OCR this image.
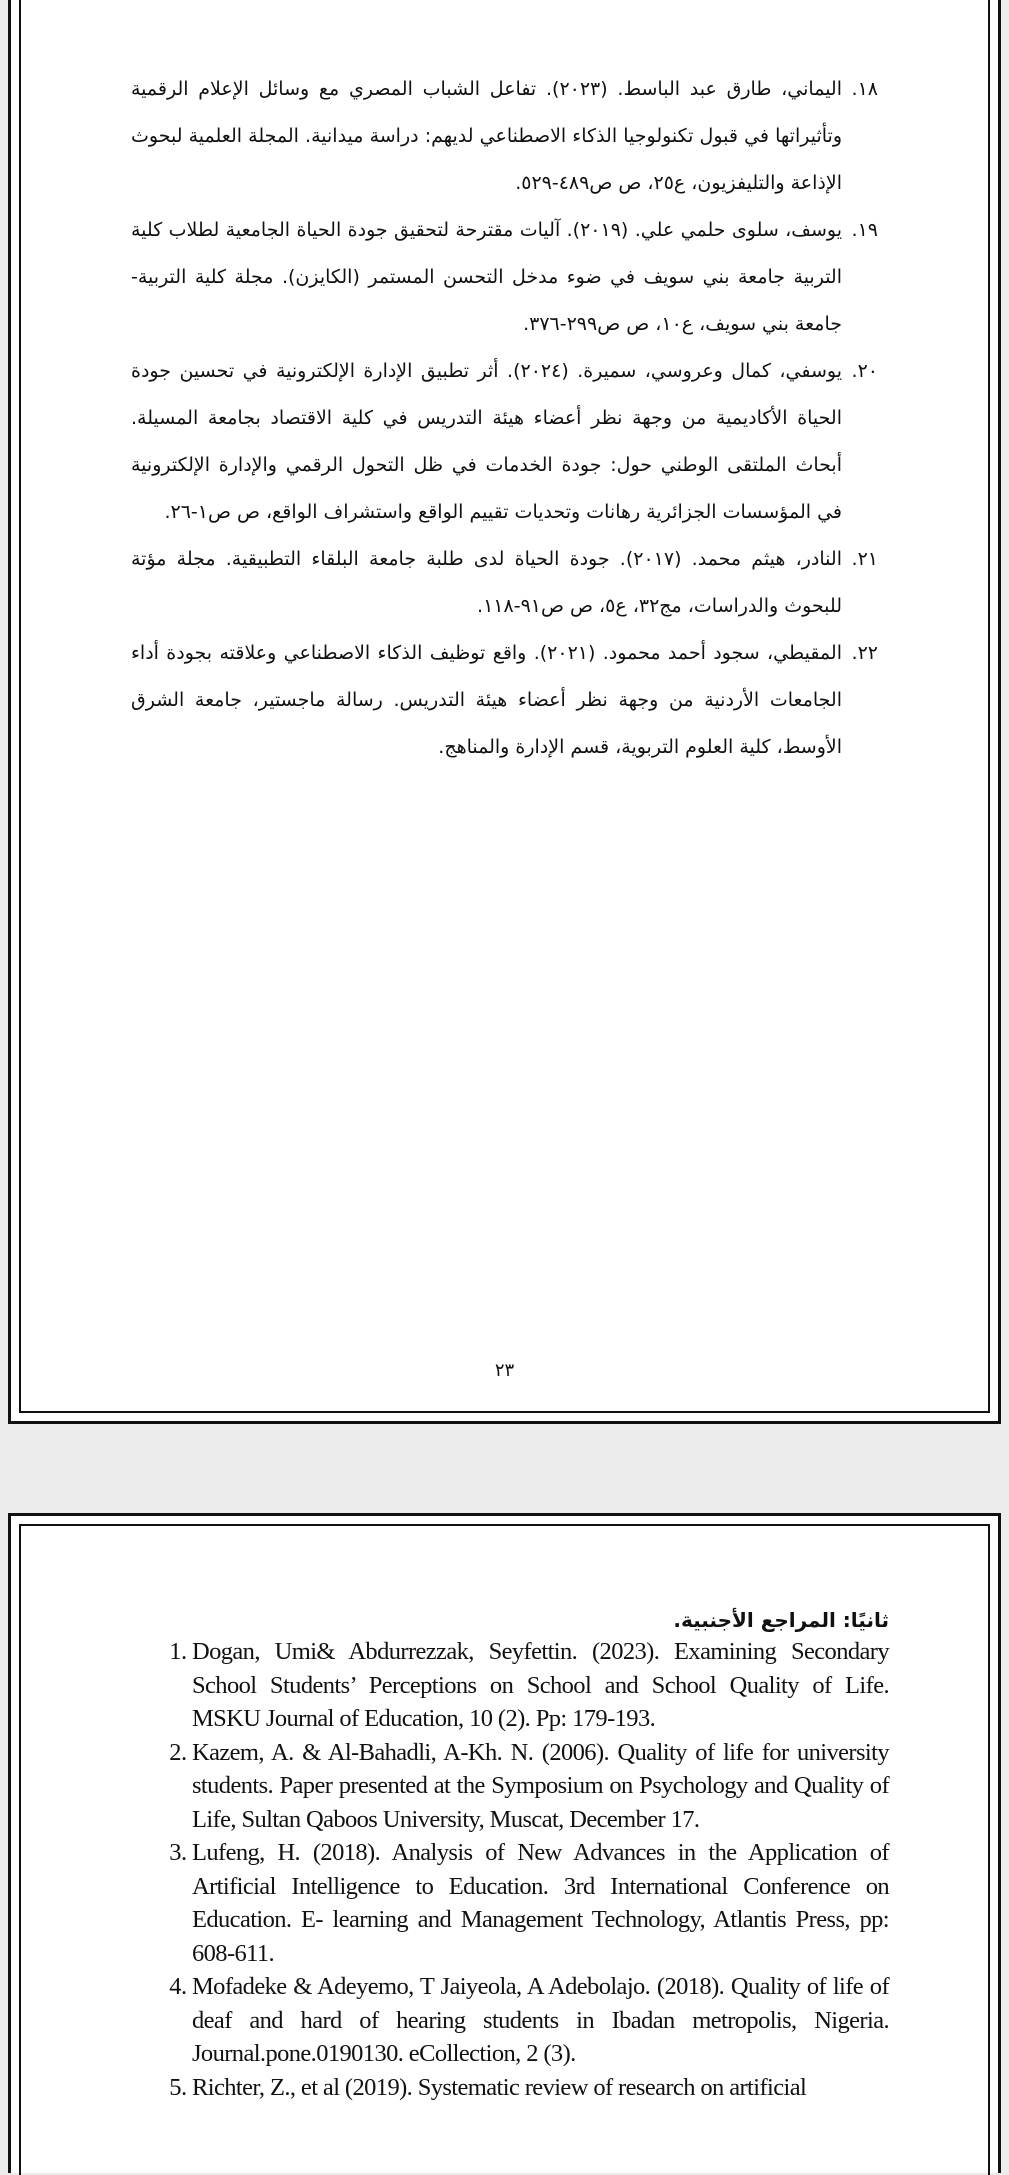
١٨.
اليماني، طارق عبد الباسط. (٢٠٢٣). تفاعل الشباب المصري مع وسائل الإعلام الرقمية وتأثيراتها في قبول تكنولوجيا الذكاء الاصطناعي لديهم: دراسة ميدانية. المجلة العلمية لبحوث الإذاعة والتليفزيون، ع٢٥، ص ص٤٨٩-٥٢٩.
١٩.
يوسف، سلوى حلمي علي. (٢٠١٩). آليات مقترحة لتحقيق جودة الحياة الجامعية لطلاب كلية التربية جامعة بني سويف في ضوء مدخل التحسن المستمر (الكايزن). مجلة كلية التربية- جامعة بني سويف، ع١٠، ص ص٢٩٩-٣٧٦.
٢٠.
يوسفي، كمال وعروسي، سميرة. (٢٠٢٤). أثر تطبيق الإدارة الإلكترونية في تحسين جودة الحياة الأكاديمية من وجهة نظر أعضاء هيئة التدريس في كلية الاقتصاد بجامعة المسيلة. أبحاث الملتقى الوطني حول: جودة الخدمات في ظل التحول الرقمي والإدارة الإلكترونية في المؤسسات الجزائرية رهانات وتحديات تقييم الواقع واستشراف الواقع، ص ص١-٢٦.
٢١.
النادر، هيثم محمد. (٢٠١٧). جودة الحياة لدى طلبة جامعة البلقاء التطبيقية. مجلة مؤتة للبحوث والدراسات، مج٣٢، ع٥، ص ص٩١-١١٨.
٢٢.
المقيطي، سجود أحمد محمود. (٢٠٢١). واقع توظيف الذكاء الاصطناعي وعلاقته بجودة أداء الجامعات الأردنية من وجهة نظر أعضاء هيئة التدريس. رسالة ماجستير، جامعة الشرق الأوسط، كلية العلوم التربوية، قسم الإدارة والمناهج.
٢٣
ثانيًا: المراجع الأجنبية.
1. Dogan, Umi& Abdurrezzak, Seyfettin. (2023). Examining Secondary School Students’ Perceptions on School and School Quality of Life. MSKU Journal of Education, 10 (2). Pp: 179-193.
2. Kazem, A. & Al-Bahadli, A-Kh. N. (2006). Quality of life for university students. Paper presented at the Symposium on Psychology and Quality of Life, Sultan Qaboos University, Muscat, December 17.
3. Lufeng, H. (2018). Analysis of New Advances in the Application of Artificial Intelligence to Education. 3rd International Conference on Education. E- learning and Management Technology, Atlantis Press, pp: 608-611.
4. Mofadeke & Adeyemo, T Jaiyeola, A Adebolajo. (2018). Quality of life of deaf and hard of hearing students in Ibadan metropolis, Nigeria. Journal.pone.0190130. eCollection, 2 (3).
5. Richter, Z., et al (2019). Systematic review of research on artificial
